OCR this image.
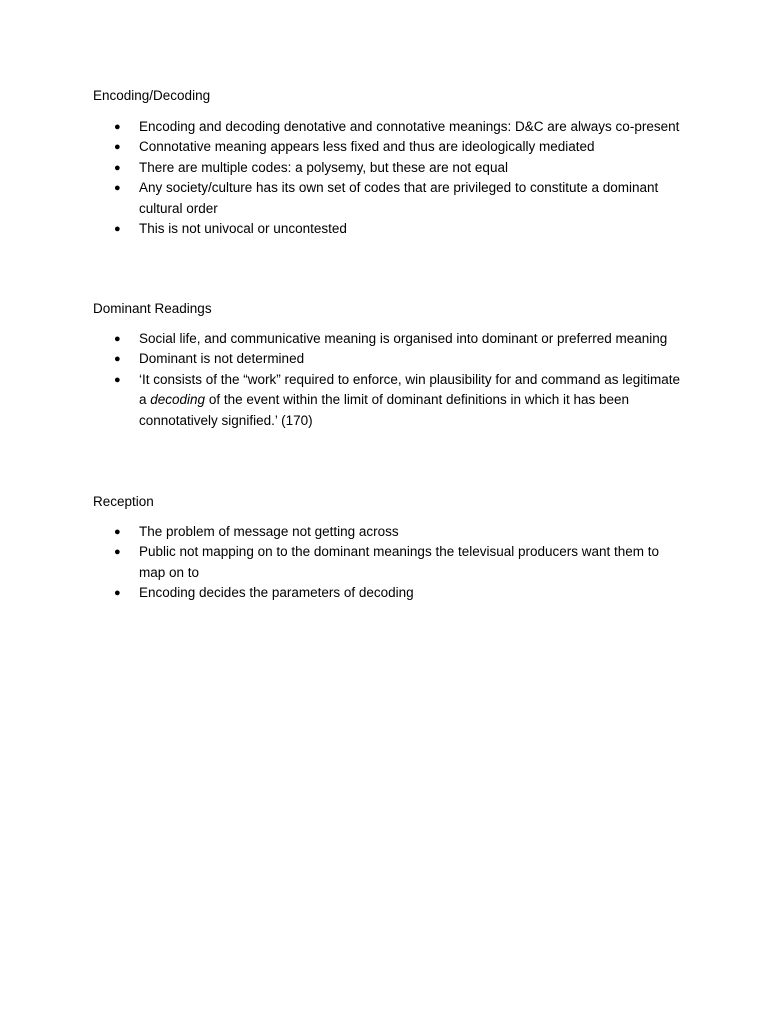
Encoding/Decoding

● Encoding and decoding denotative and connotative meanings: D&C are always co-present
● Connotative meaning appears less fixed and thus are ideologically mediated
● There are multiple codes: a polysemy, but these are not equal
● Any society/culture has its own set of codes that are privileged to constitute a dominant cultural order
● This is not univocal or uncontested

Dominant Readings

● Social life, and communicative meaning is organised into dominant or preferred meaning
● Dominant is not determined
● ‘It consists of the “work” required to enforce, win plausibility for and command as legitimate a decoding of the event within the limit of dominant definitions in which it has been connotatively signified.’ (170)

Reception

● The problem of message not getting across
● Public not mapping on to the dominant meanings the televisual producers want them to map on to
● Encoding decides the parameters of decoding
